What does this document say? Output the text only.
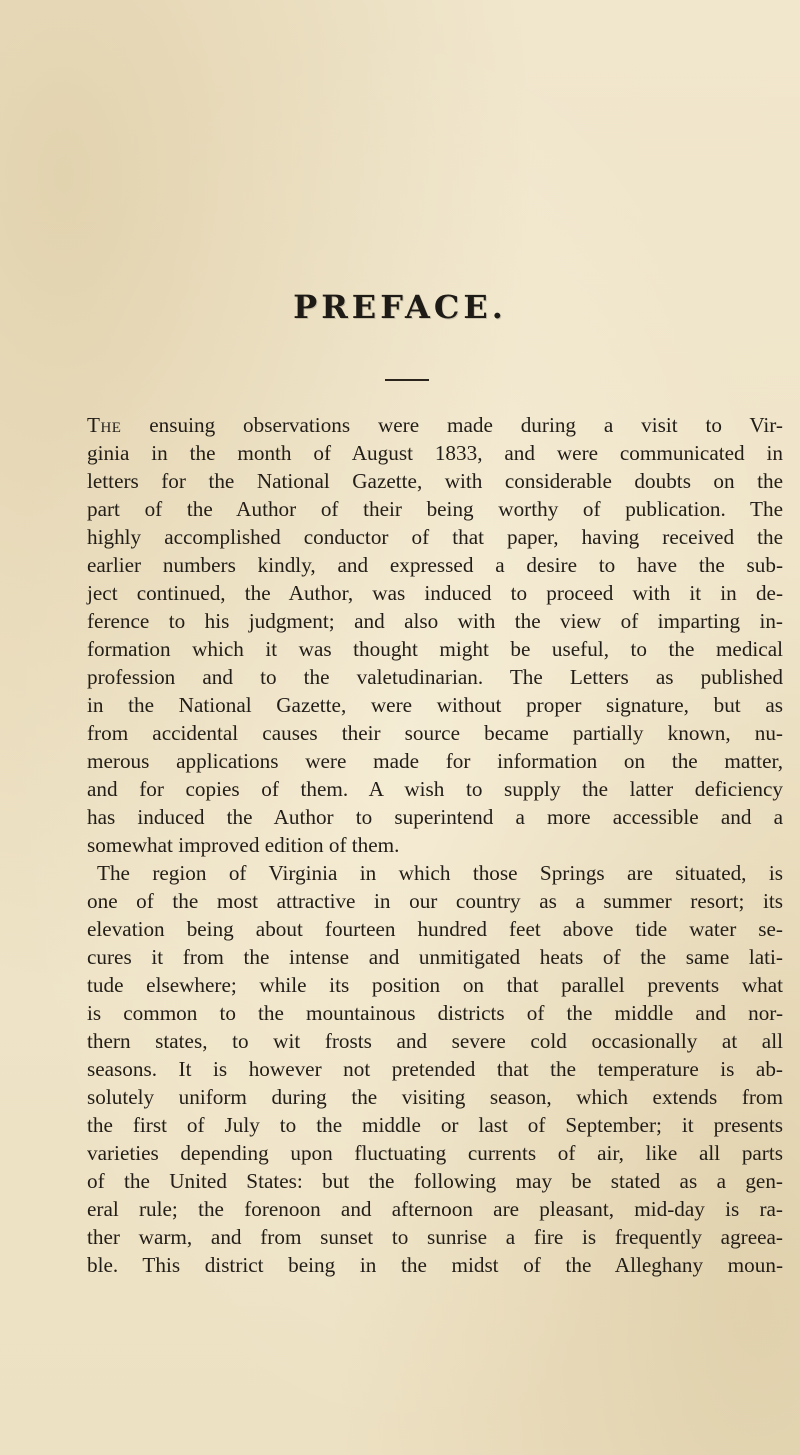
PREFACE.
The ensuing observations were made during a visit to Vir-
ginia in the month of August 1833, and were communicated in
letters for the National Gazette, with considerable doubts on the
part of the Author of their being worthy of publication. The
highly accomplished conductor of that paper, having received the
earlier numbers kindly, and expressed a desire to have the sub-
ject continued, the Author, was induced to proceed with it in de-
ference to his judgment; and also with the view of imparting in-
formation which it was thought might be useful, to the medical
profession and to the valetudinarian. The Letters as published
in the National Gazette, were without proper signature, but as
from accidental causes their source became partially known, nu-
merous applications were made for information on the matter,
and for copies of them. A wish to supply the latter deficiency
has induced the Author to superintend a more accessible and a
somewhat improved edition of them.
The region of Virginia in which those Springs are situated, is
one of the most attractive in our country as a summer resort; its
elevation being about fourteen hundred feet above tide water se-
cures it from the intense and unmitigated heats of the same lati-
tude elsewhere; while its position on that parallel prevents what
is common to the mountainous districts of the middle and nor-
thern states, to wit frosts and severe cold occasionally at all
seasons. It is however not pretended that the temperature is ab-
solutely uniform during the visiting season, which extends from
the first of July to the middle or last of September; it presents
varieties depending upon fluctuating currents of air, like all parts
of the United States: but the following may be stated as a gen-
eral rule; the forenoon and afternoon are pleasant, mid-day is ra-
ther warm, and from sunset to sunrise a fire is frequently agreea-
ble. This district being in the midst of the Alleghany moun-
